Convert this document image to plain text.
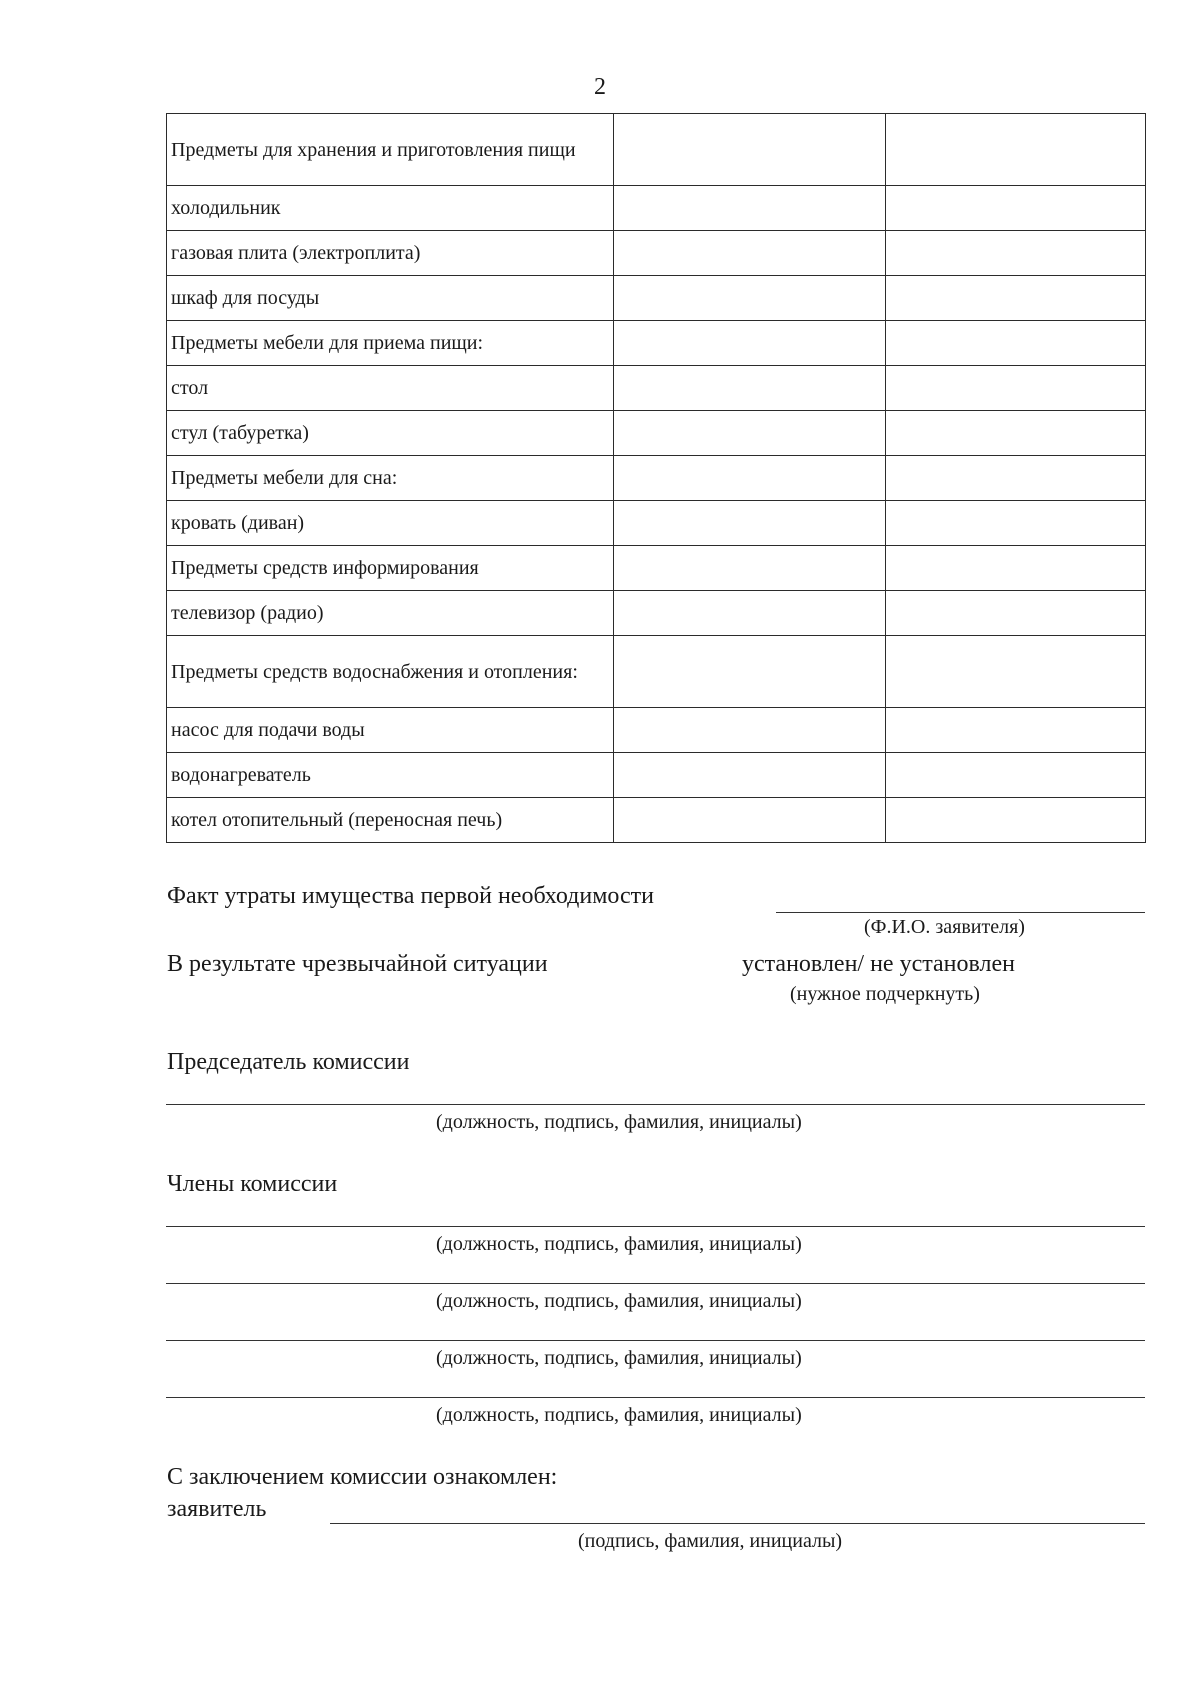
2
Предметы для хранения и приготовления пищи		
холодильник		
газовая плита (электроплита)		
шкаф для посуды		
Предметы мебели для приема пищи:		
стол		
стул (табуретка)		
Предметы мебели для сна:		
кровать (диван)		
Предметы средств информирования		
телевизор (радио)		
Предметы средств водоснабжения и отопления:		
насос для подачи воды		
водонагреватель		
котел отопительный (переносная печь)		
Факт утраты имущества первой необходимости
(Ф.И.О. заявителя)
В результате чрезвычайной ситуации	установлен/ не установлен
(нужное подчеркнуть)
Председатель комиссии
(должность, подпись, фамилия, инициалы)
Члены комиссии
(должность, подпись, фамилия, инициалы)
(должность, подпись, фамилия, инициалы)
(должность, подпись, фамилия, инициалы)
(должность, подпись, фамилия, инициалы)
С заключением комиссии ознакомлен:
заявитель
(подпись, фамилия, инициалы)
